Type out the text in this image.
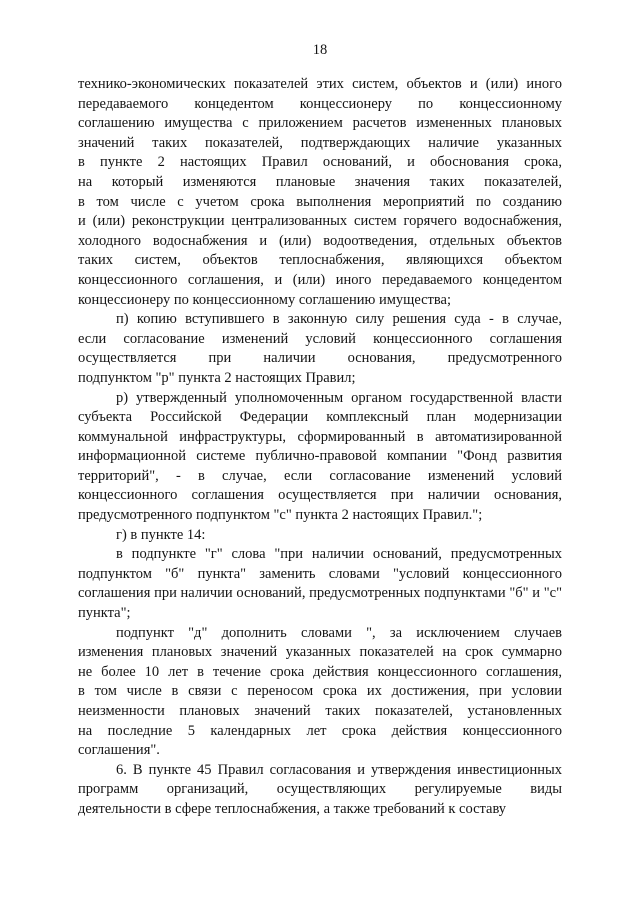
18
технико-экономических показателей этих систем, объектов и (или) иного
передаваемого концедентом концессионеру по концессионному
соглашению имущества с приложением расчетов измененных плановых
значений таких показателей, подтверждающих наличие указанных
в пункте 2 настоящих Правил оснований, и обоснования срока,
на который изменяются плановые значения таких показателей,
в том числе с учетом срока выполнения мероприятий по созданию
и (или) реконструкции централизованных систем горячего водоснабжения,
холодного водоснабжения и (или) водоотведения, отдельных объектов
таких систем, объектов теплоснабжения, являющихся объектом
концессионного соглашения, и (или) иного передаваемого концедентом
концессионеру по концессионному соглашению имущества;
п) копию вступившего в законную силу решения суда - в случае,
если согласование изменений условий концессионного соглашения
осуществляется при наличии основания, предусмотренного
подпунктом "р" пункта 2 настоящих Правил;
р) утвержденный уполномоченным органом государственной власти
субъекта Российской Федерации комплексный план модернизации
коммунальной инфраструктуры, сформированный в автоматизированной
информационной системе публично-правовой компании "Фонд развития
территорий", - в случае, если согласование изменений условий
концессионного соглашения осуществляется при наличии основания,
предусмотренного подпунктом "с" пункта 2 настоящих Правил.";
г) в пункте 14:
в подпункте "г" слова "при наличии оснований, предусмотренных
подпунктом "б" пункта" заменить словами "условий концессионного
соглашения при наличии оснований, предусмотренных подпунктами "б" и "с"
пункта";
подпункт "д" дополнить словами ", за исключением случаев
изменения плановых значений указанных показателей на срок суммарно
не более 10 лет в течение срока действия концессионного соглашения,
в том числе в связи с переносом срока их достижения, при условии
неизменности плановых значений таких показателей, установленных
на последние 5 календарных лет срока действия концессионного
соглашения".
6. В пункте 45 Правил согласования и утверждения инвестиционных
программ организаций, осуществляющих регулируемые виды
деятельности в сфере теплоснабжения, а также требований к составу
